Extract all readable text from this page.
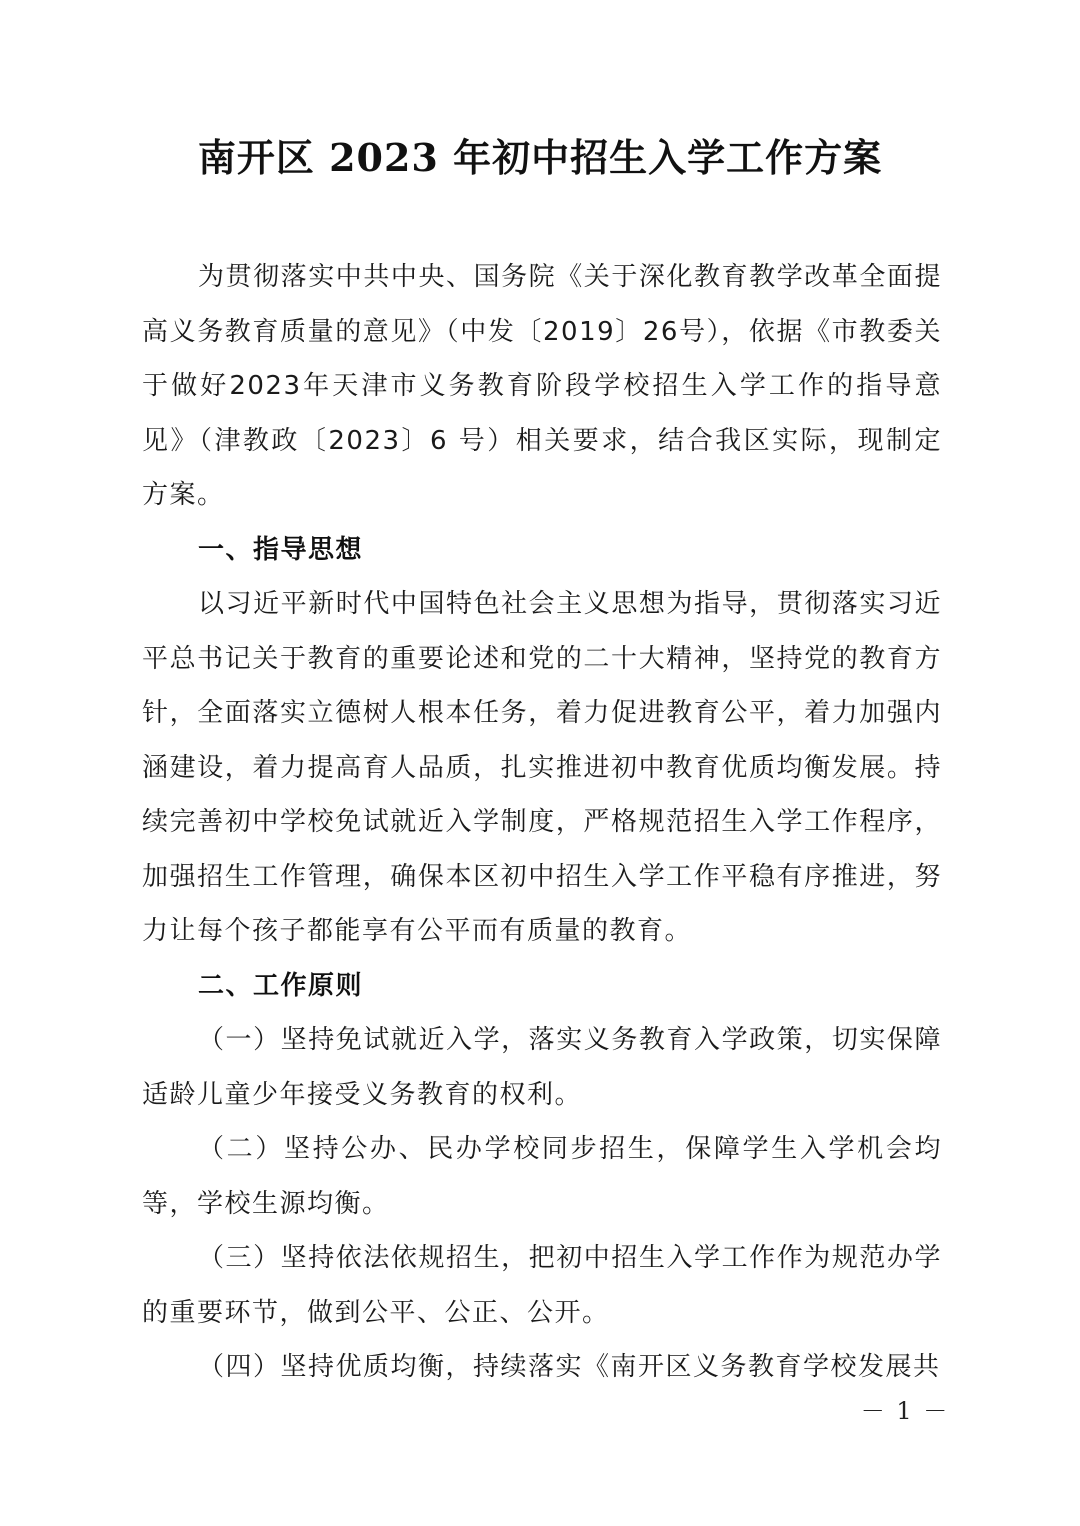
南开区 2023 年初中招生入学工作方案

为贯彻落实中共中央、国务院《关于深化教育教学改革全面提高义务教育质量的意见》（中发〔2019〕26号），依据《市教委关于做好2023年天津市义务教育阶段学校招生入学工作的指导意见》（津教政〔2023〕6 号）相关要求，结合我区实际，现制定方案。

一、指导思想

以习近平新时代中国特色社会主义思想为指导，贯彻落实习近平总书记关于教育的重要论述和党的二十大精神，坚持党的教育方针，全面落实立德树人根本任务，着力促进教育公平，着力加强内涵建设，着力提高育人品质，扎实推进初中教育优质均衡发展。持续完善初中学校免试就近入学制度，严格规范招生入学工作程序，加强招生工作管理，确保本区初中招生入学工作平稳有序推进，努力让每个孩子都能享有公平而有质量的教育。

二、工作原则

（一）坚持免试就近入学，落实义务教育入学政策，切实保障适龄儿童少年接受义务教育的权利。

（二）坚持公办、民办学校同步招生，保障学生入学机会均等，学校生源均衡。

（三）坚持依法依规招生，把初中招生入学工作作为规范办学的重要环节，做到公平、公正、公开。

（四）坚持优质均衡，持续落实《南开区义务教育学校发展共

－ 1 －
